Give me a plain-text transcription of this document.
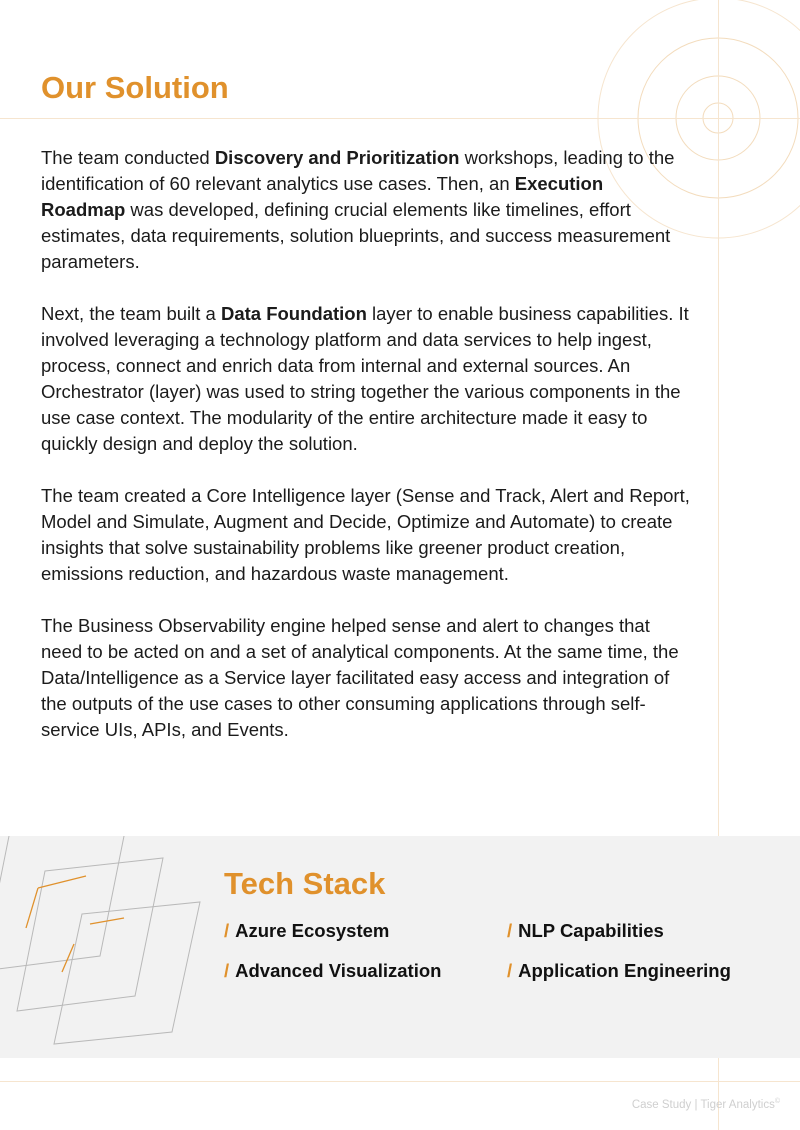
Our Solution

The team conducted Discovery and Prioritization workshops, leading to the identification of 60 relevant analytics use cases. Then, an Execution Roadmap was developed, defining crucial elements like timelines, effort estimates, data requirements, solution blueprints, and success measurement parameters.

Next, the team built a Data Foundation layer to enable business capabilities. It involved leveraging a technology platform and data services to help ingest, process, connect and enrich data from internal and external sources. An Orchestrator (layer) was used to string together the various components in the use case context. The modularity of the entire architecture made it easy to quickly design and deploy the solution.

The team created a Core Intelligence layer (Sense and Track, Alert and Report, Model and Simulate, Augment and Decide, Optimize and Automate) to create insights that solve sustainability problems like greener product creation, emissions reduction, and hazardous waste management.

The Business Observability engine helped sense and alert to changes that need to be acted on and a set of analytical components. At the same time, the Data/Intelligence as a Service layer facilitated easy access and integration of the outputs of the use cases to other consuming applications through self-service UIs, APIs, and Events.

Tech Stack
/ Azure Ecosystem	/ NLP Capabilities
/ Advanced Visualization	/ Application Engineering
Case Study | Tiger Analytics©
